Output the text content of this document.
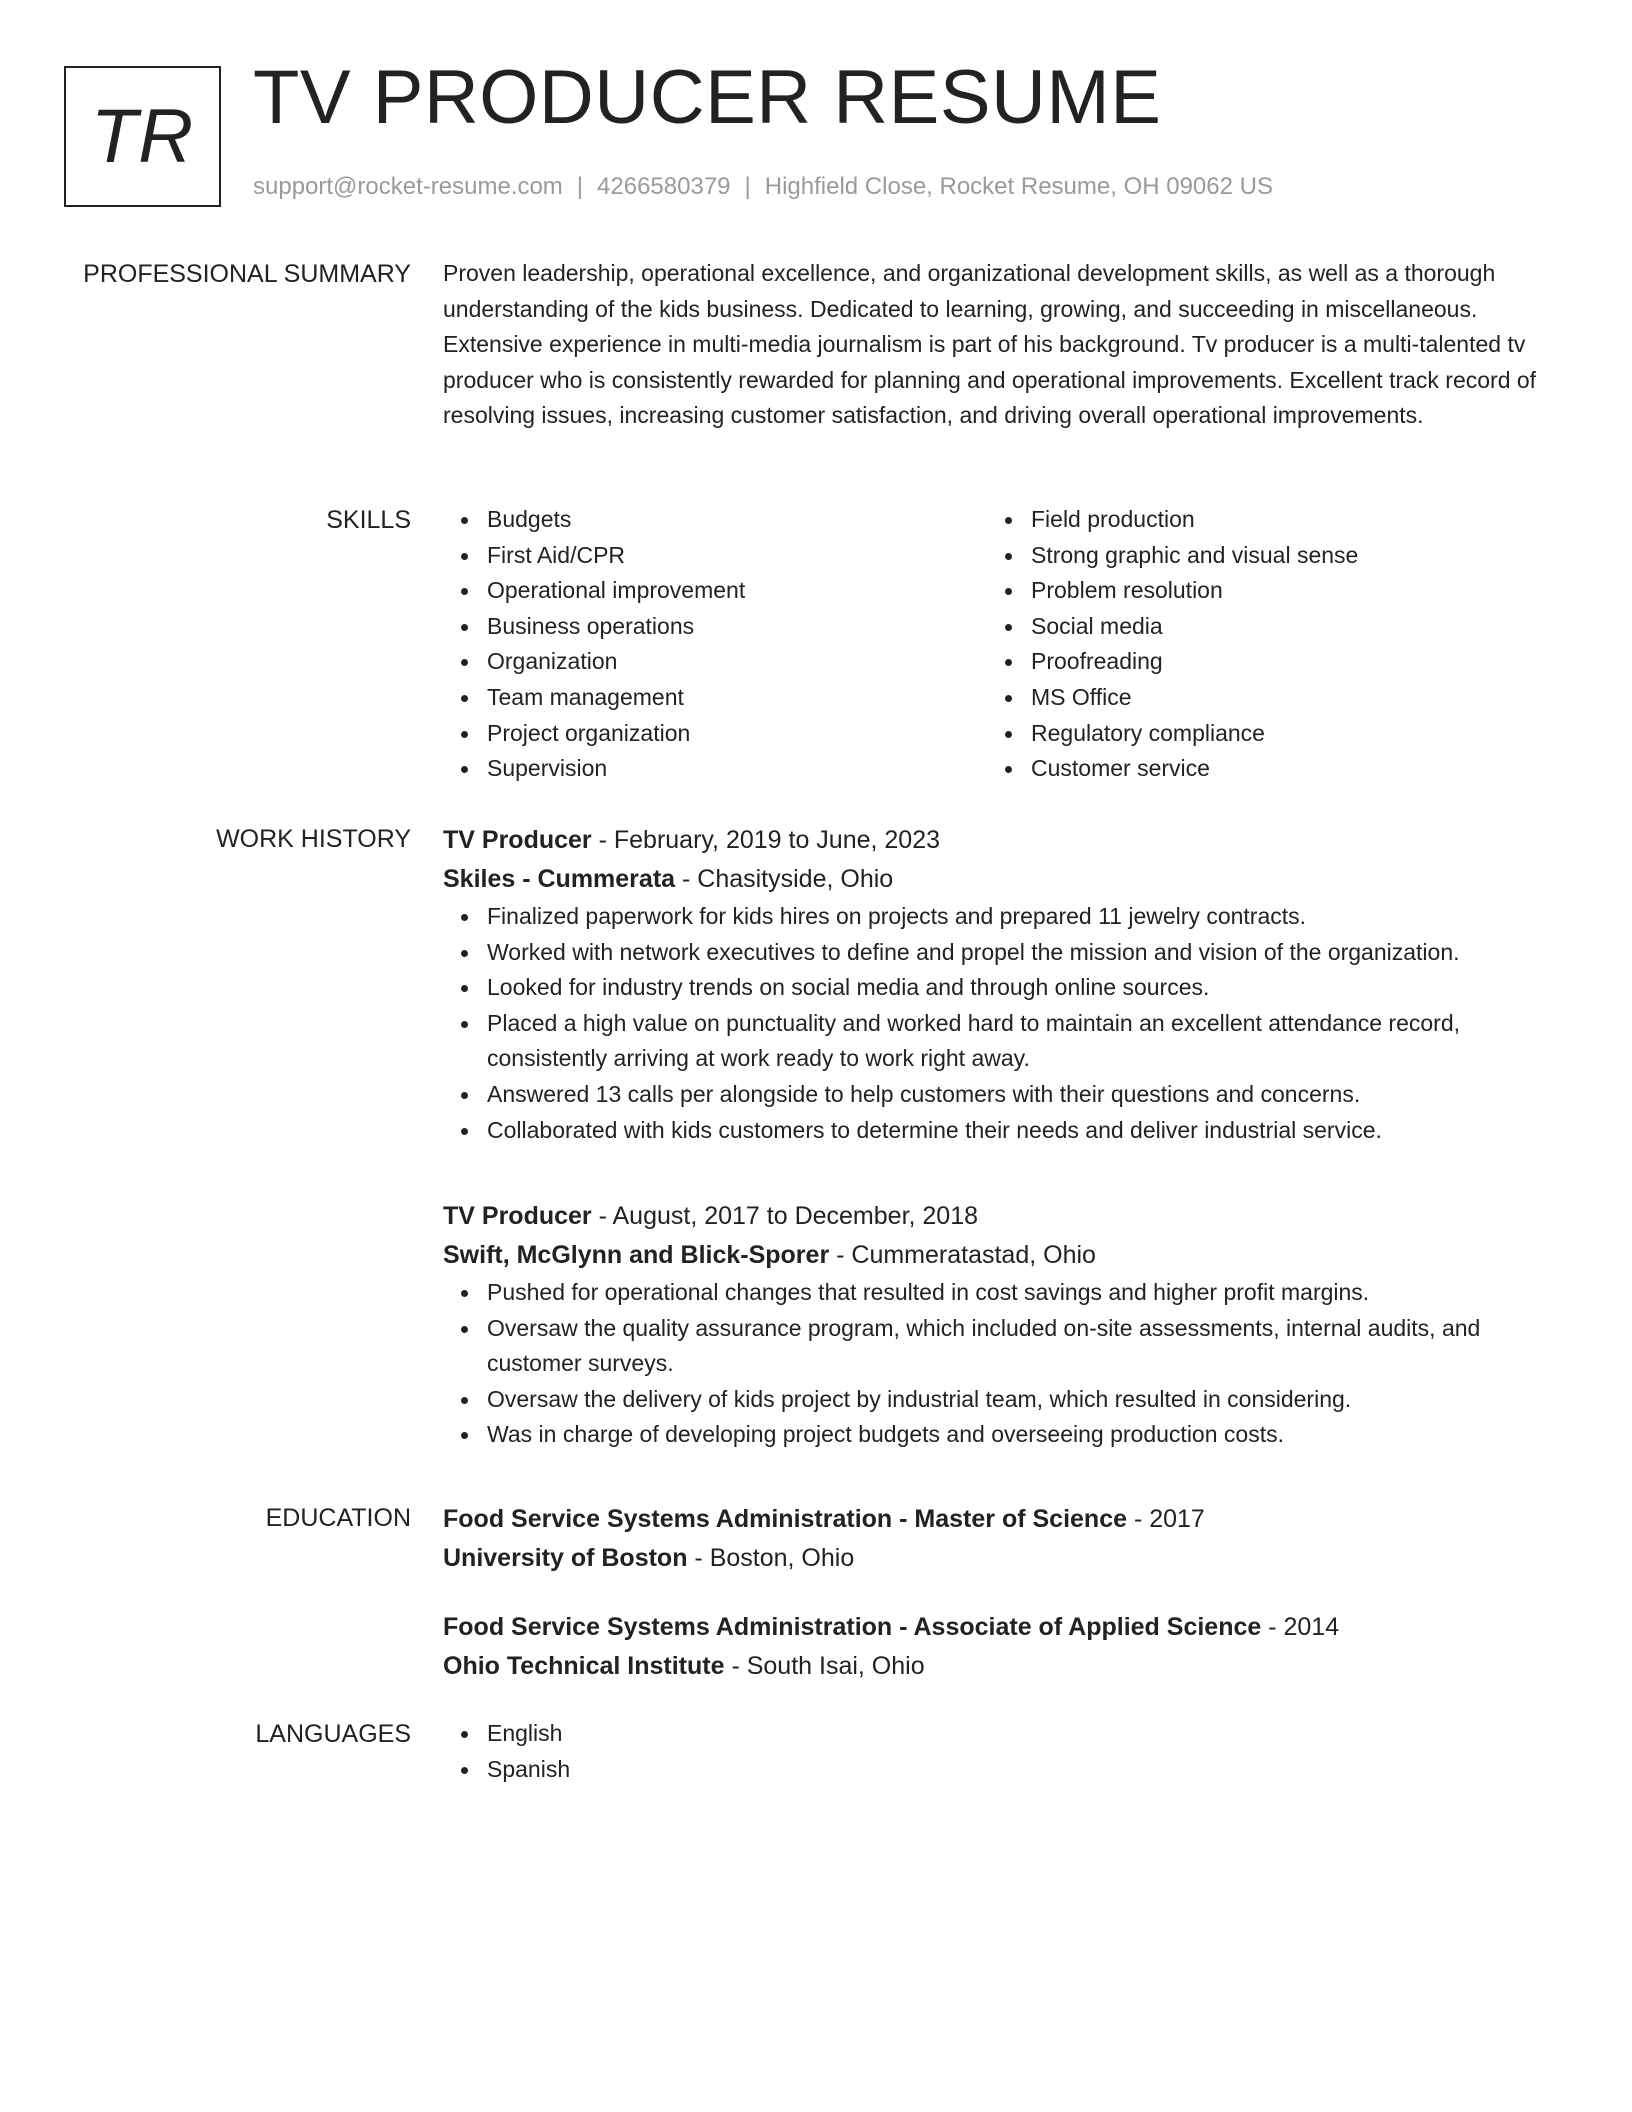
TR TV PRODUCER RESUME
support@rocket-resume.com | 4266580379 | Highfield Close, Rocket Resume, OH 09062 US
PROFESSIONAL SUMMARY Proven leadership, operational excellence, and organizational development skills, as well as a thorough understanding of the kids business. Dedicated to learning, growing, and succeeding in miscellaneous. Extensive experience in multi-media journalism is part of his background. Tv producer is a multi-talented tv producer who is consistently rewarded for planning and operational improvements. Excellent track record of resolving issues, increasing customer satisfaction, and driving overall operational improvements.

SKILLS	Budgets
First Aid/CPR
Operational improvement
Business operations
Organization
Team management
Project organization
Supervision
Field production
Strong graphic and visual sense
Problem resolution
Social media
Proofreading
MS Office
Regulatory compliance
Customer service
WORK HISTORY TV Producer - February, 2019 to June, 2023
Skiles - Cummerata - Chasityside, Ohio
Finalized paperwork for kids hires on projects and prepared 11 jewelry contracts.
Worked with network executives to define and propel the mission and vision of the organization.
Looked for industry trends on social media and through online sources.
Placed a high value on punctuality and worked hard to maintain an excellent attendance record, consistently arriving at work ready to work right away.
Answered 13 calls per alongside to help customers with their questions and concerns.
Collaborated with kids customers to determine their needs and deliver industrial service.
TV Producer - August, 2017 to December, 2018
Swift, McGlynn and Blick-Sporer - Cummeratastad, Ohio
Pushed for operational changes that resulted in cost savings and higher profit margins.
Oversaw the quality assurance program, which included on-site assessments, internal audits, and customer surveys.
Oversaw the delivery of kids project by industrial team, which resulted in considering.
Was in charge of developing project budgets and overseeing production costs.
EDUCATION Food Service Systems Administration - Master of Science - 2017
University of Boston - Boston, Ohio
Food Service Systems Administration - Associate of Applied Science - 2014
Ohio Technical Institute - South Isai, Ohio
LANGUAGES	English
Spanish
